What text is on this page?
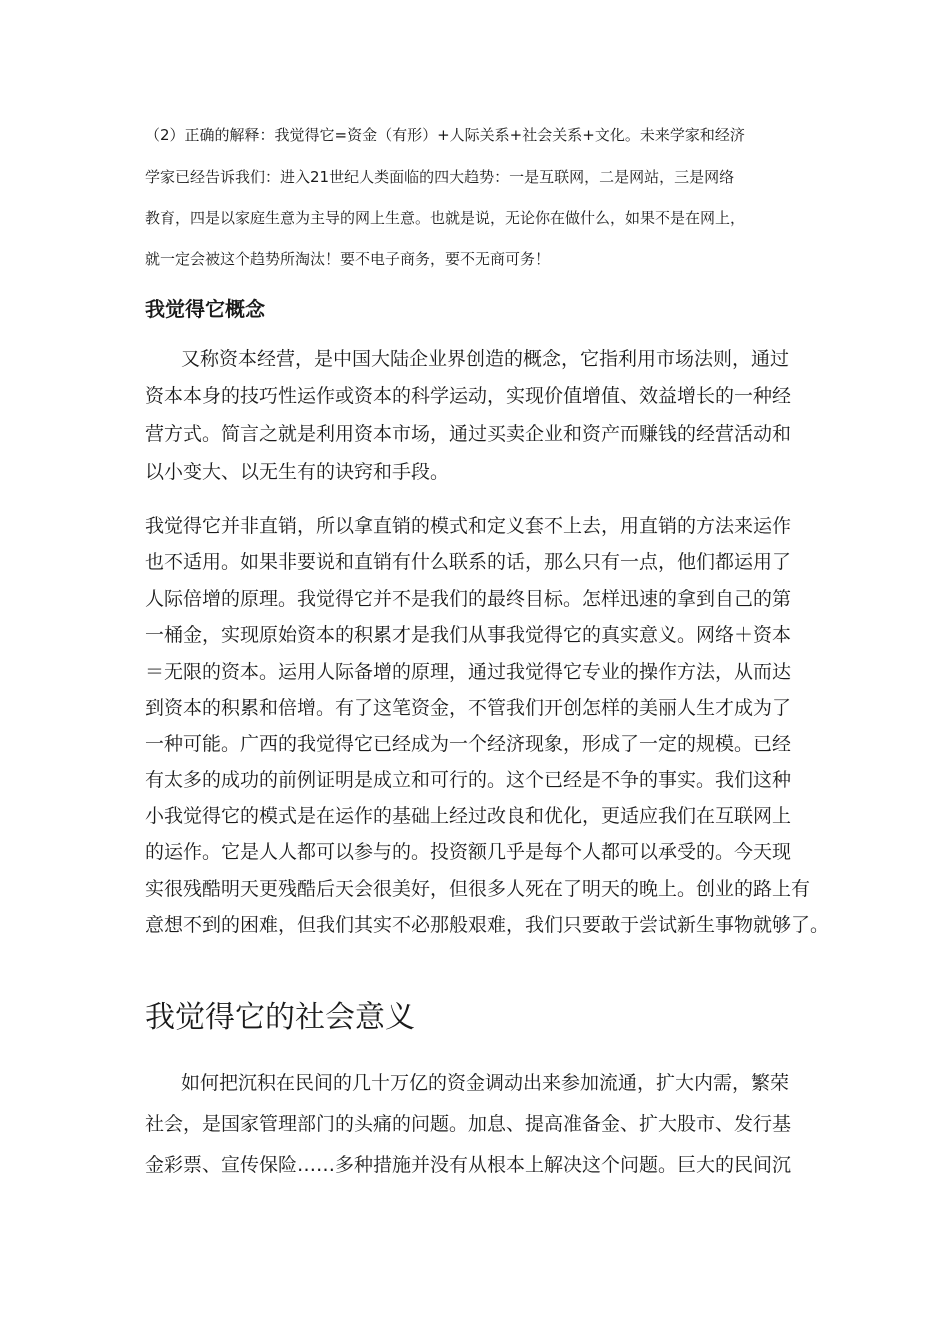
（2）正确的解释：我觉得它=资金（有形）+人际关系+社会关系+文化。未来学家和经济
学家已经告诉我们：进入21世纪人类面临的四大趋势：一是互联网，二是网站，三是网络
教育，四是以家庭生意为主导的网上生意。也就是说，无论你在做什么，如果不是在网上，
就一定会被这个趋势所淘汰！要不电子商务，要不无商可务！
我觉得它概念
又称资本经营，是中国大陆企业界创造的概念，它指利用市场法则，通过
资本本身的技巧性运作或资本的科学运动，实现价值增值、效益增长的一种经
营方式。简言之就是利用资本市场，通过买卖企业和资产而赚钱的经营活动和
以小变大、以无生有的诀窍和手段。
我觉得它并非直销，所以拿直销的模式和定义套不上去，用直销的方法来运作
也不适用。如果非要说和直销有什么联系的话，那么只有一点，他们都运用了
人际倍增的原理。我觉得它并不是我们的最终目标。怎样迅速的拿到自己的第
一桶金，实现原始资本的积累才是我们从事我觉得它的真实意义。网络＋资本
＝无限的资本。运用人际备增的原理，通过我觉得它专业的操作方法，从而达
到资本的积累和倍增。有了这笔资金，不管我们开创怎样的美丽人生才成为了
一种可能。广西的我觉得它已经成为一个经济现象，形成了一定的规模。已经
有太多的成功的前例证明是成立和可行的。这个已经是不争的事实。我们这种
小我觉得它的模式是在运作的基础上经过改良和优化，更适应我们在互联网上
的运作。它是人人都可以参与的。投资额几乎是每个人都可以承受的。今天现
实很残酷明天更残酷后天会很美好，但很多人死在了明天的晚上。创业的路上有
意想不到的困难，但我们其实不必那般艰难，我们只要敢于尝试新生事物就够了。
我觉得它的社会意义
如何把沉积在民间的几十万亿的资金调动出来参加流通，扩大内需，繁荣
社会，是国家管理部门的头痛的问题。加息、提高准备金、扩大股市、发行基
金彩票、宣传保险……多种措施并没有从根本上解决这个问题。巨大的民间沉
